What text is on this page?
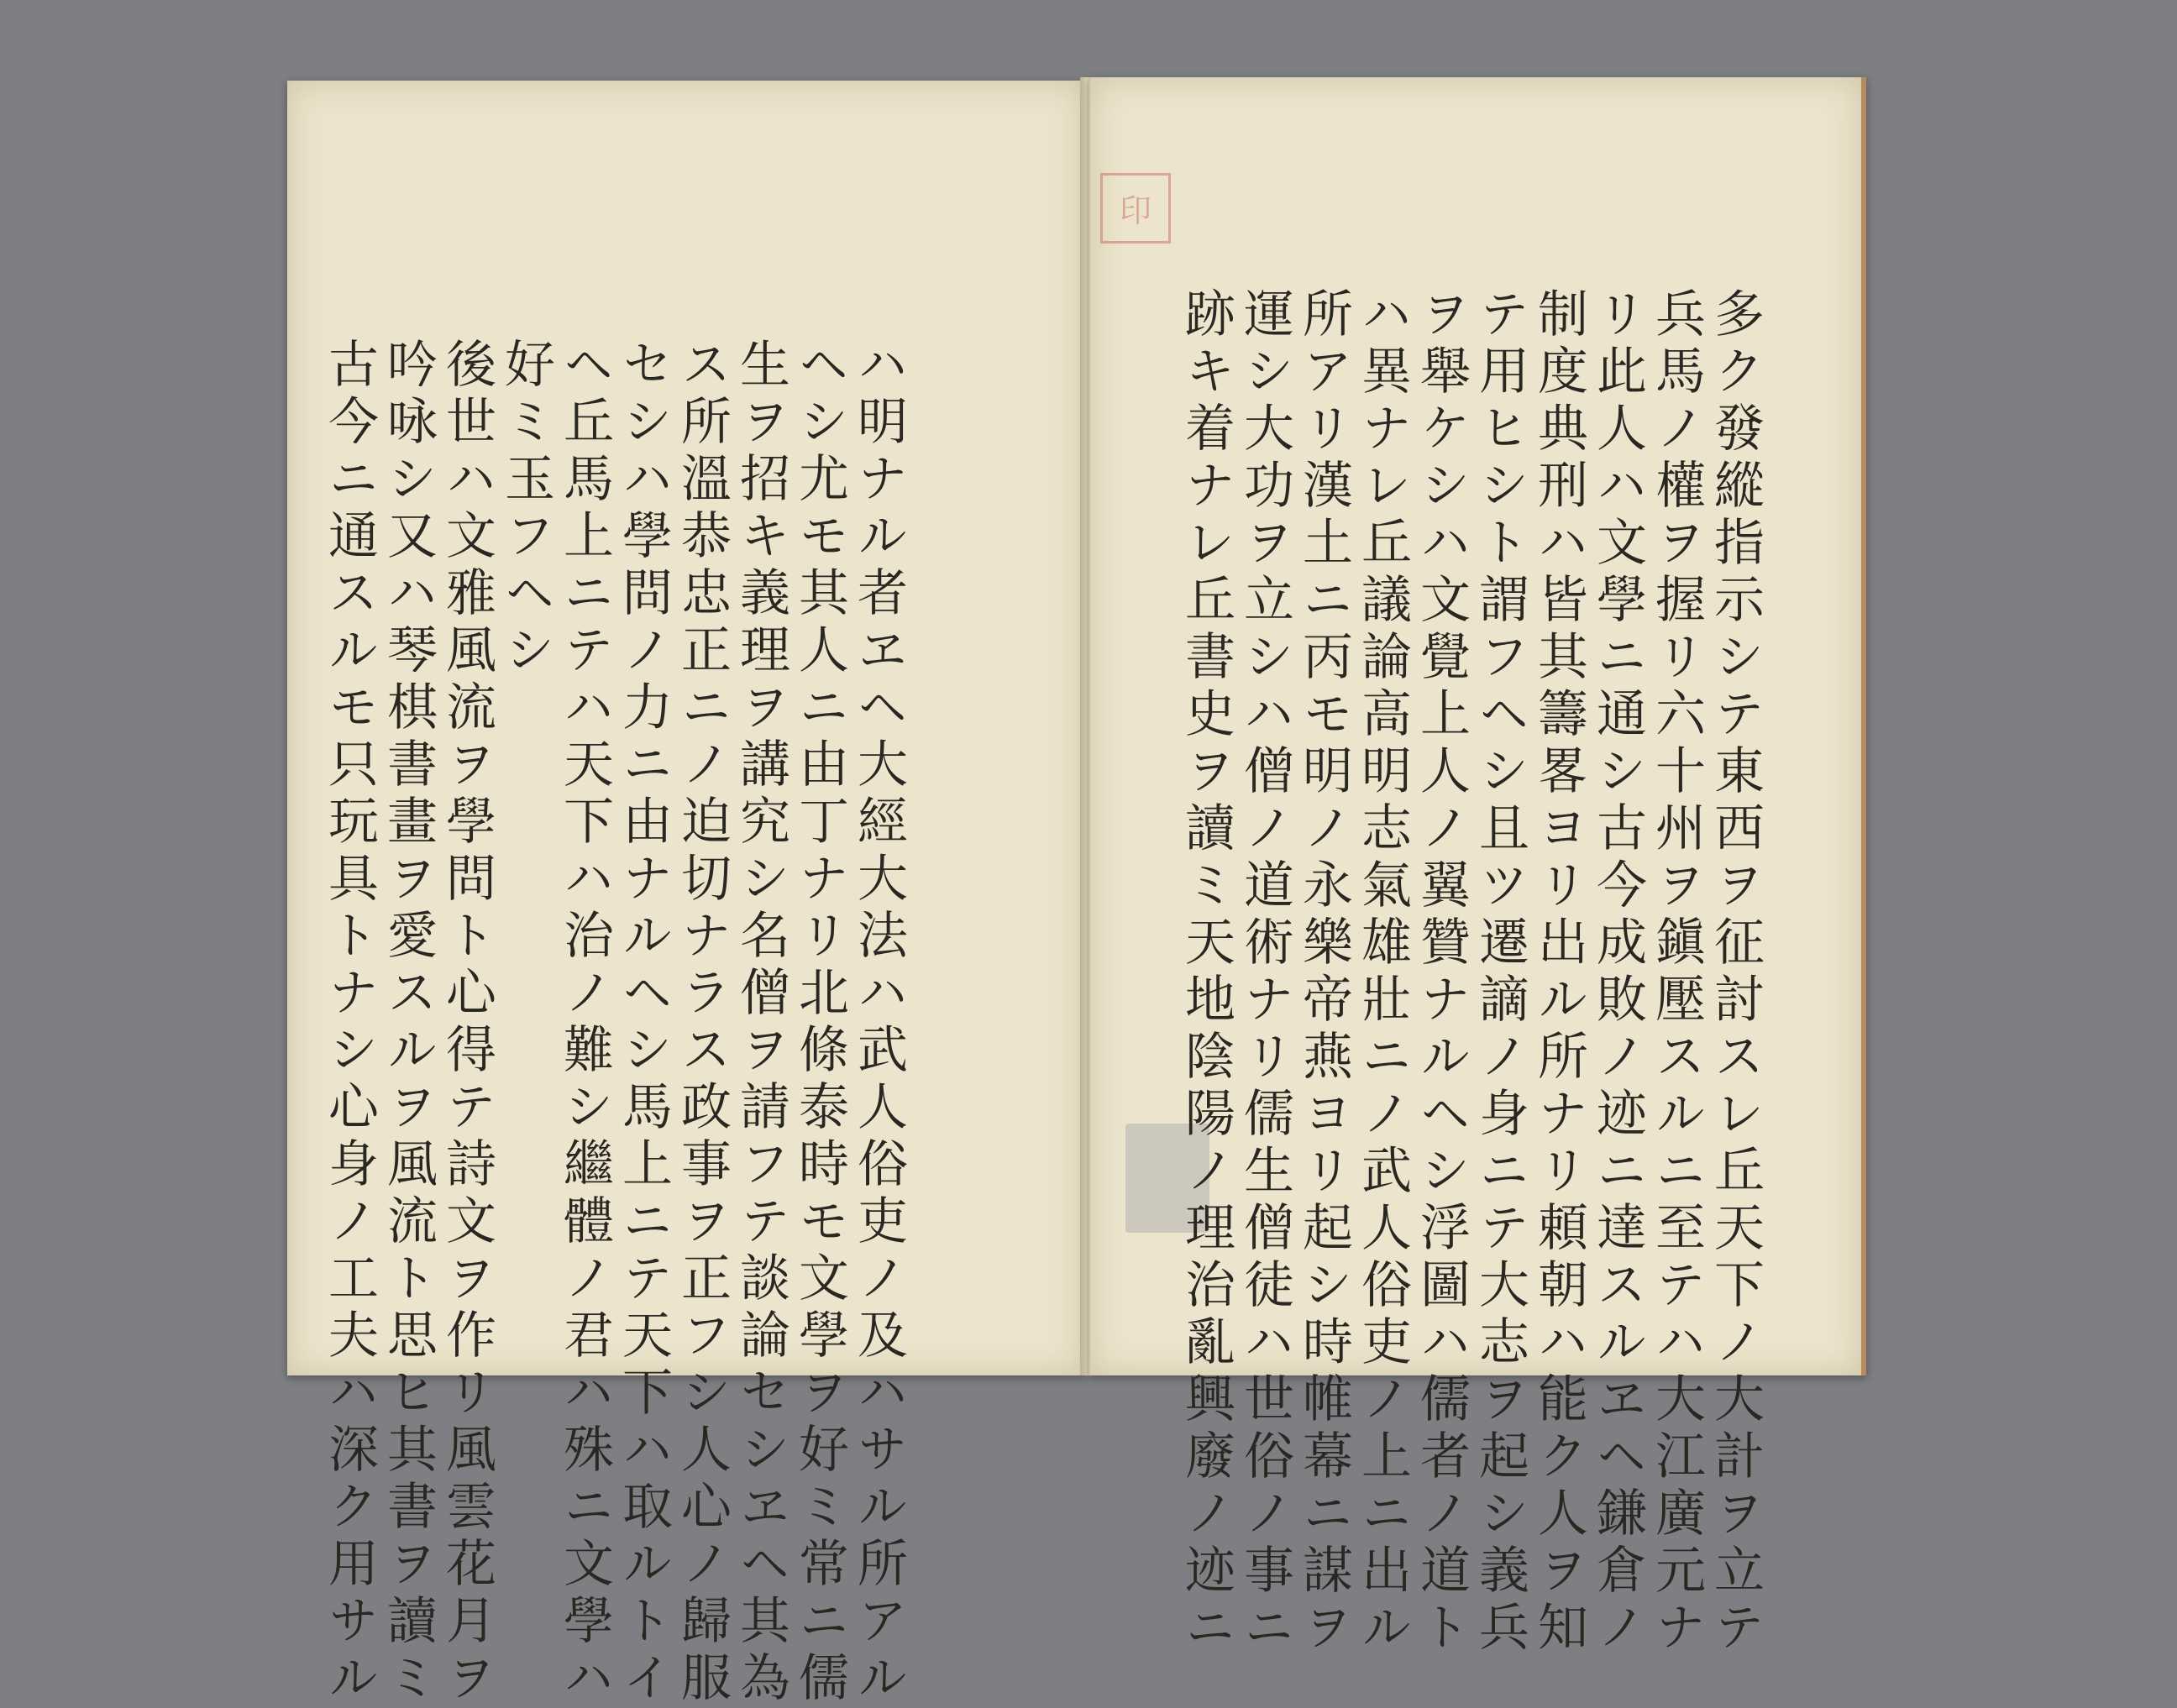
印
古今ニ通スルモ只玩具トナシ心身ノ工夫ハ深ク用サル 吟咏シ又ハ琴棋書畫ヲ愛スルヲ風流ト思ヒ其書ヲ讀ミ 後世ハ文雅風流ヲ學問ト心得テ詩文ヲ作リ風雲花月ヲ 好ミ玉フヘシ ヘ丘馬上ニテハ天下ハ治ノ難シ繼體ノ君ハ殊ニ文學ハ セシハ學問ノ力ニ由ナルヘシ馬上ニテ天下ハ取ルトイ ス所溫恭忠正ニノ迫切ナラス政事ヲ正フシ人心ノ歸服 生ヲ招キ義理ヲ講究シ名僧ヲ請フテ談論セシヱヘ其為 ヘシ尤モ其人ニ由丁ナリ北條泰時モ文學ヲ好ミ常ニ儒 ハ明ナル者ヱヘ大經大法ハ武人俗吏ノ及ハサル所アル	跡キ着ナレ丘書史ヲ讀ミ天地陰陽ノ理治亂興廢ノ迹ニ 運シ大功ヲ立シハ僧ノ道術ナリ儒生僧徒ハ世俗ノ事ニ 所アリ漢土ニ丙モ明ノ永樂帝燕ヨリ起シ時帷幕ニ謀ヲ ハ異ナレ丘議論高明志氣雄壯ニノ武人俗吏ノ上ニ出ル ヲ舉ケシハ文覺上人ノ翼贊ナルヘシ浮圖ハ儒者ノ道ト テ用ヒシト謂フヘシ且ツ遷謫ノ身ニテ大志ヲ起シ義兵 制度典刑ハ皆其籌畧ヨリ出ル所ナリ頼朝ハ能ク人ヲ知 リ此人ハ文學ニ通シ古今成敗ノ迹ニ達スルヱヘ鎌倉ノ 兵馬ノ權ヲ握リ六十州ヲ鎭壓スルニ至テハ大江廣元ナ 多ク發縱指示シテ東西ヲ征討スレ丘天下ノ大計ヲ立テ
